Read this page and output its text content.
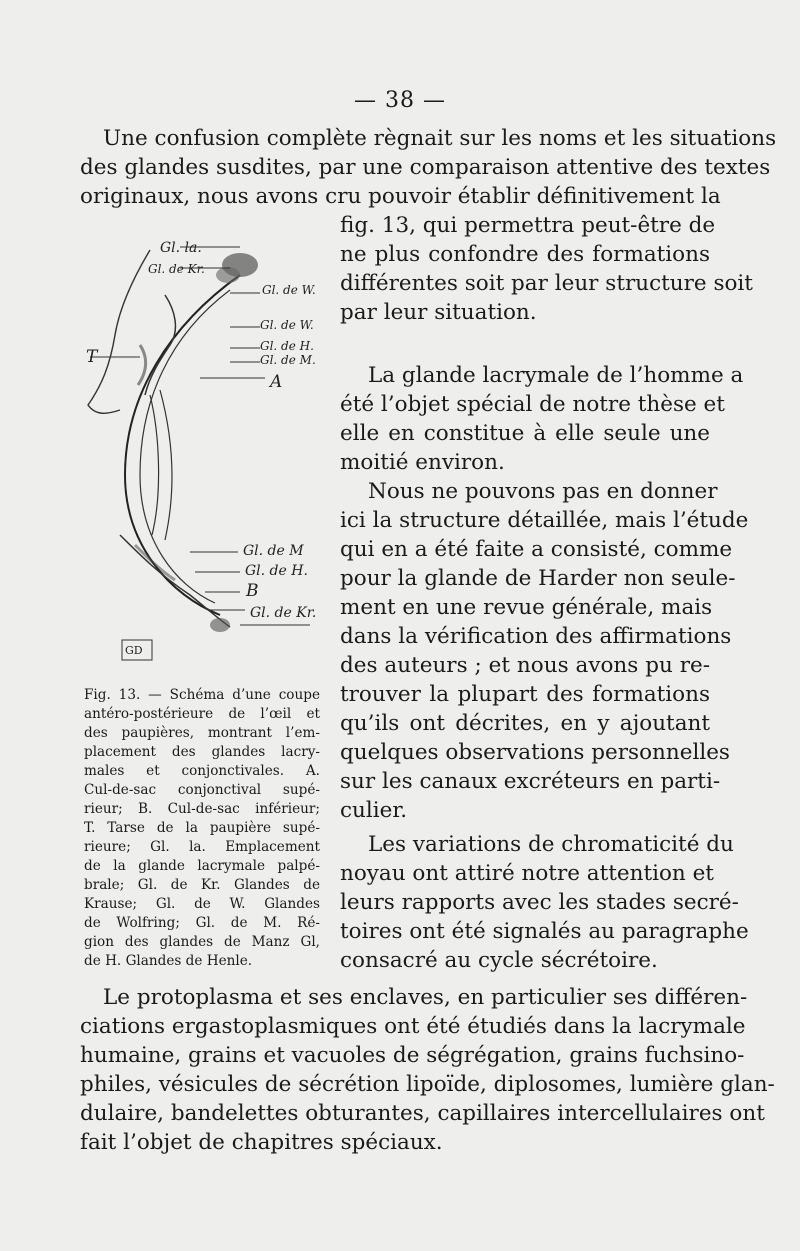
— 38 —
Une confusion complète règnait sur les noms et les situations
des glandes susdites, par une comparaison attentive des textes
originaux, nous avons cru pouvoir établir définitivement la
fig. 13, qui permettra peut-être de
ne plus confondre des formations
différentes soit par leur structure soit
par leur situation.
La glande lacrymale de l’homme a
été l’objet spécial de notre thèse et
elle en constitue à elle seule une
moitié environ.
Nous ne pouvons pas en donner
ici la structure détaillée, mais l’étude
qui en a été faite a consisté, comme
pour la glande de Harder non seule-
ment en une revue générale, mais
dans la vérification des affirmations
des auteurs ; et nous avons pu re-
trouver la plupart des formations
qu’ils ont décrites, en y ajoutant
quelques observations personnelles
sur les canaux excréteurs en parti-
culier.
Les variations de chromaticité du
noyau ont attiré notre attention et
leurs rapports avec les stades secré-
toires ont été signalés au paragraphe
consacré au cycle sécrétoire.
Gl. la.
Gl. de Kr.
Gl. de W.
Gl. de W.
Gl. de H.
Gl. de M.
A
T
Gl. de M
Gl. de H.
B
Gl. de Kr.
GD
Fig. 13. — Schéma d’une coupe
antéro-postérieure de l’œil et
des paupières, montrant l’em-
placement des glandes lacry-
males et conjonctivales. A.
Cul-de-sac conjonctival supé-
rieur; B. Cul-de-sac inférieur;
T. Tarse de la paupière supé-
rieure; Gl. la. Emplacement
de la glande lacrymale palpé-
brale; Gl. de Kr. Glandes de
Krause; Gl. de W. Glandes
de Wolfring; Gl. de M. Ré-
gion des glandes de Manz Gl,
de H. Glandes de Henle.
Le protoplasma et ses enclaves, en particulier ses différen-
ciations ergastoplasmiques ont été étudiés dans la lacrymale
humaine, grains et vacuoles de ségrégation, grains fuchsino-
philes, vésicules de sécrétion lipoïde, diplosomes, lumière glan-
dulaire, bandelettes obturantes, capillaires intercellulaires ont
fait l’objet de chapitres spéciaux.
